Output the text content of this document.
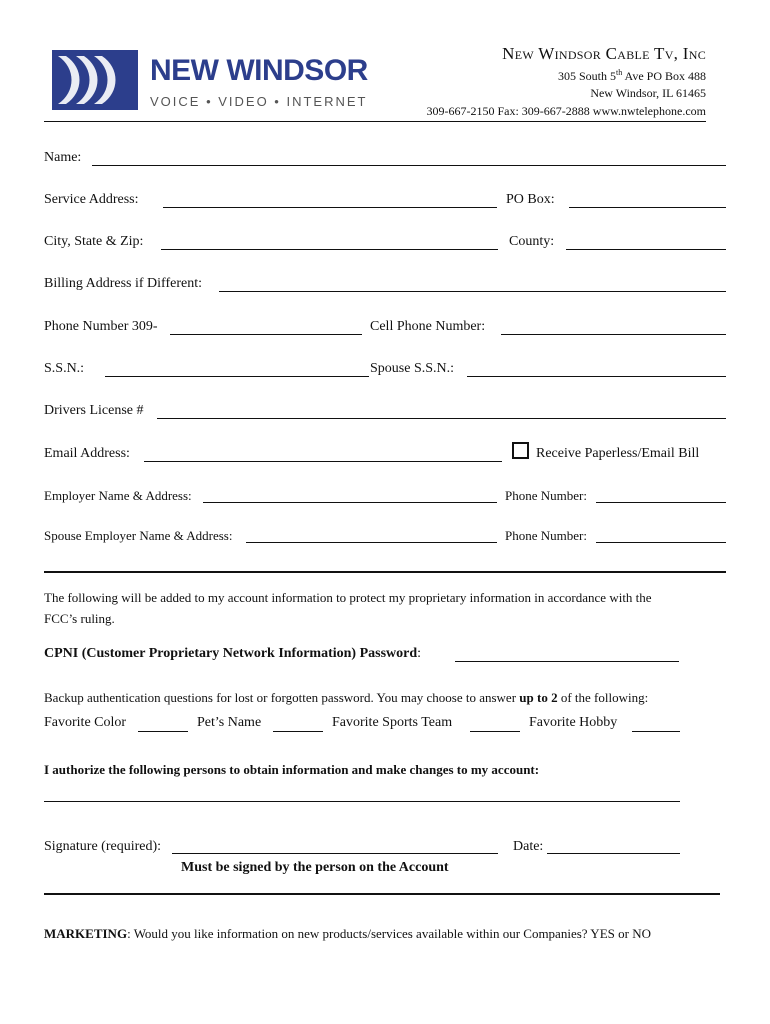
NEW WINDSOR
VOICE • VIDEO • INTERNET
New Windsor Cable Tv, Inc
305 South 5th Ave PO Box 488
New Windsor, IL 61465
309-667-2150 Fax: 309-667-2888 www.nwtelephone.com
Name:
Service Address:	PO Box:
City, State & Zip:	County:
Billing Address if Different:
Phone Number 309-	Cell Phone Number:
S.S.N.:	Spouse S.S.N.:
Drivers License #
Email Address:	Receive Paperless/Email Bill
Employer Name & Address:	Phone Number:
Spouse Employer Name & Address:	Phone Number:
The following will be added to my account information to protect my proprietary information in accordance with the
FCC’s ruling.
CPNI (Customer Proprietary Network Information) Password:
Backup authentication questions for lost or forgotten password. You may choose to answer up to 2 of the following:
Favorite Color	Pet’s Name	Favorite Sports Team	Favorite Hobby
I authorize the following persons to obtain information and make changes to my account:
Signature (required):	Date:
Must be signed by the person on the Account
MARKETING: Would you like information on new products/services available within our Companies? YES or NO
